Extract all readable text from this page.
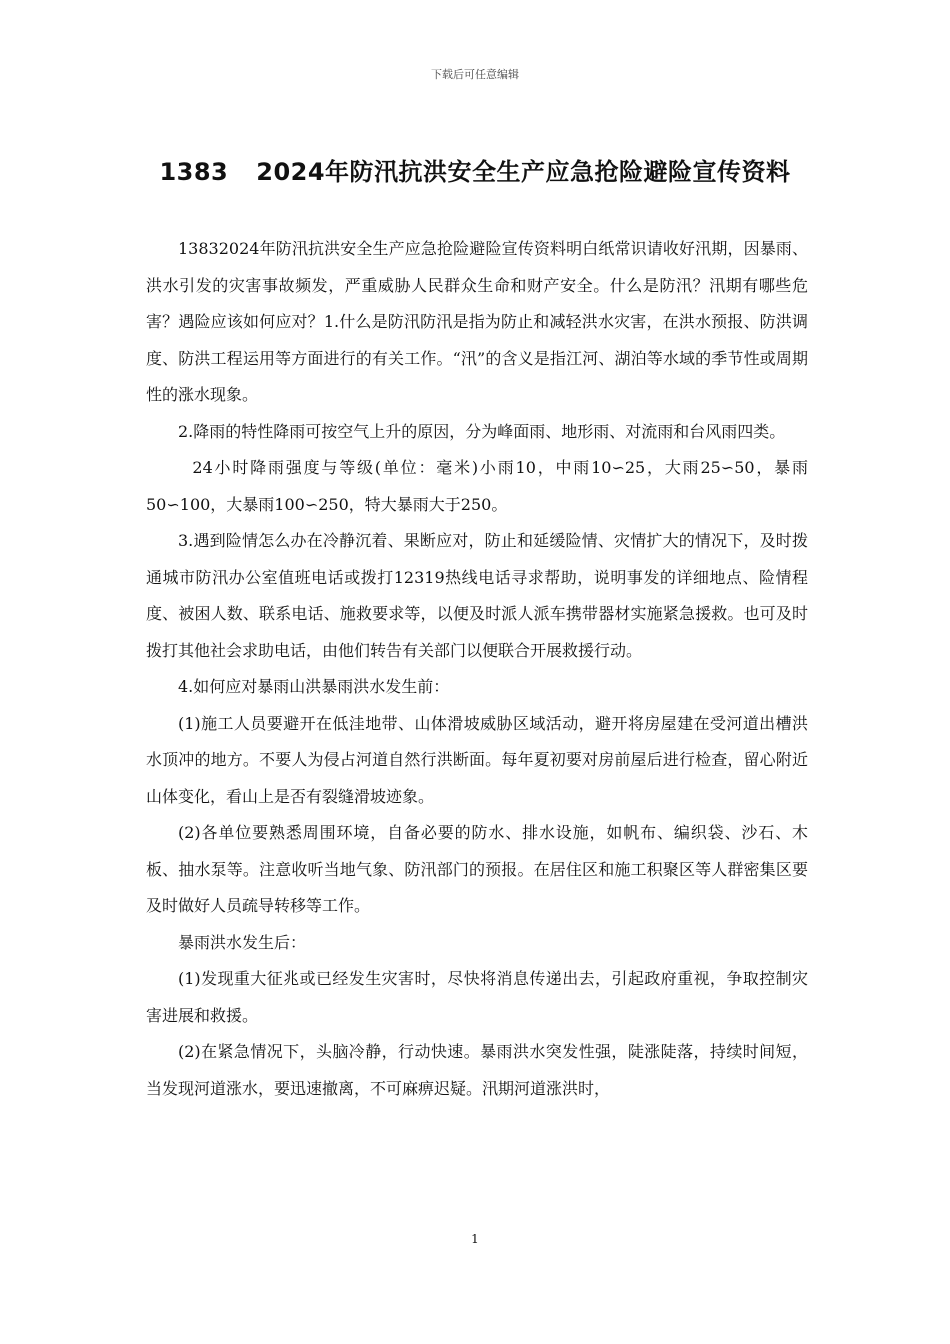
下载后可任意编辑
1383 2024年防汛抗洪安全生产应急抢险避险宣传资料

13832024年防汛抗洪安全生产应急抢险避险宣传资料明白纸常识请收好汛期，因暴雨、洪水引发的灾害事故频发，严重威胁人民群众生命和财产安全。什么是防汛？汛期有哪些危害？遇险应该如何应对？1.什么是防汛防汛是指为防止和减轻洪水灾害，在洪水预报、防洪调度、防洪工程运用等方面进行的有关工作。“汛”的含义是指江河、湖泊等水域的季节性或周期性的涨水现象。

2.降雨的特性降雨可按空气上升的原因，分为峰面雨、地形雨、对流雨和台风雨四类。

24小时降雨强度与等级(单位：毫米)小雨10，中雨10∽25，大雨25∽50，暴雨50∽100，大暴雨100∽250，特大暴雨大于250。

3.遇到险情怎么办在冷静沉着、果断应对，防止和延缓险情、灾情扩大的情况下，及时拨通城市防汛办公室值班电话或拨打12319热线电话寻求帮助，说明事发的详细地点、险情程度、被困人数、联系电话、施救要求等，以便及时派人派车携带器材实施紧急援救。也可及时拨打其他社会求助电话，由他们转告有关部门以便联合开展救援行动。

4.如何应对暴雨山洪暴雨洪水发生前：

(1)施工人员要避开在低洼地带、山体滑坡威胁区域活动，避开将房屋建在受河道出槽洪水顶冲的地方。不要人为侵占河道自然行洪断面。每年夏初要对房前屋后进行检查，留心附近山体变化，看山上是否有裂缝滑坡迹象。

(2)各单位要熟悉周围环境，自备必要的防水、排水设施，如帆布、编织袋、沙石、木板、抽水泵等。注意收听当地气象、防汛部门的预报。在居住区和施工积聚区等人群密集区要及时做好人员疏导转移等工作。

暴雨洪水发生后：

(1)发现重大征兆或已经发生灾害时，尽快将消息传递出去，引起政府重视，争取控制灾害进展和救援。

(2)在紧急情况下，头脑冷静，行动快速。暴雨洪水突发性强，陡涨陡落，持续时间短，当发现河道涨水，要迅速撤离，不可麻痹迟疑。汛期河道涨洪时，

1
